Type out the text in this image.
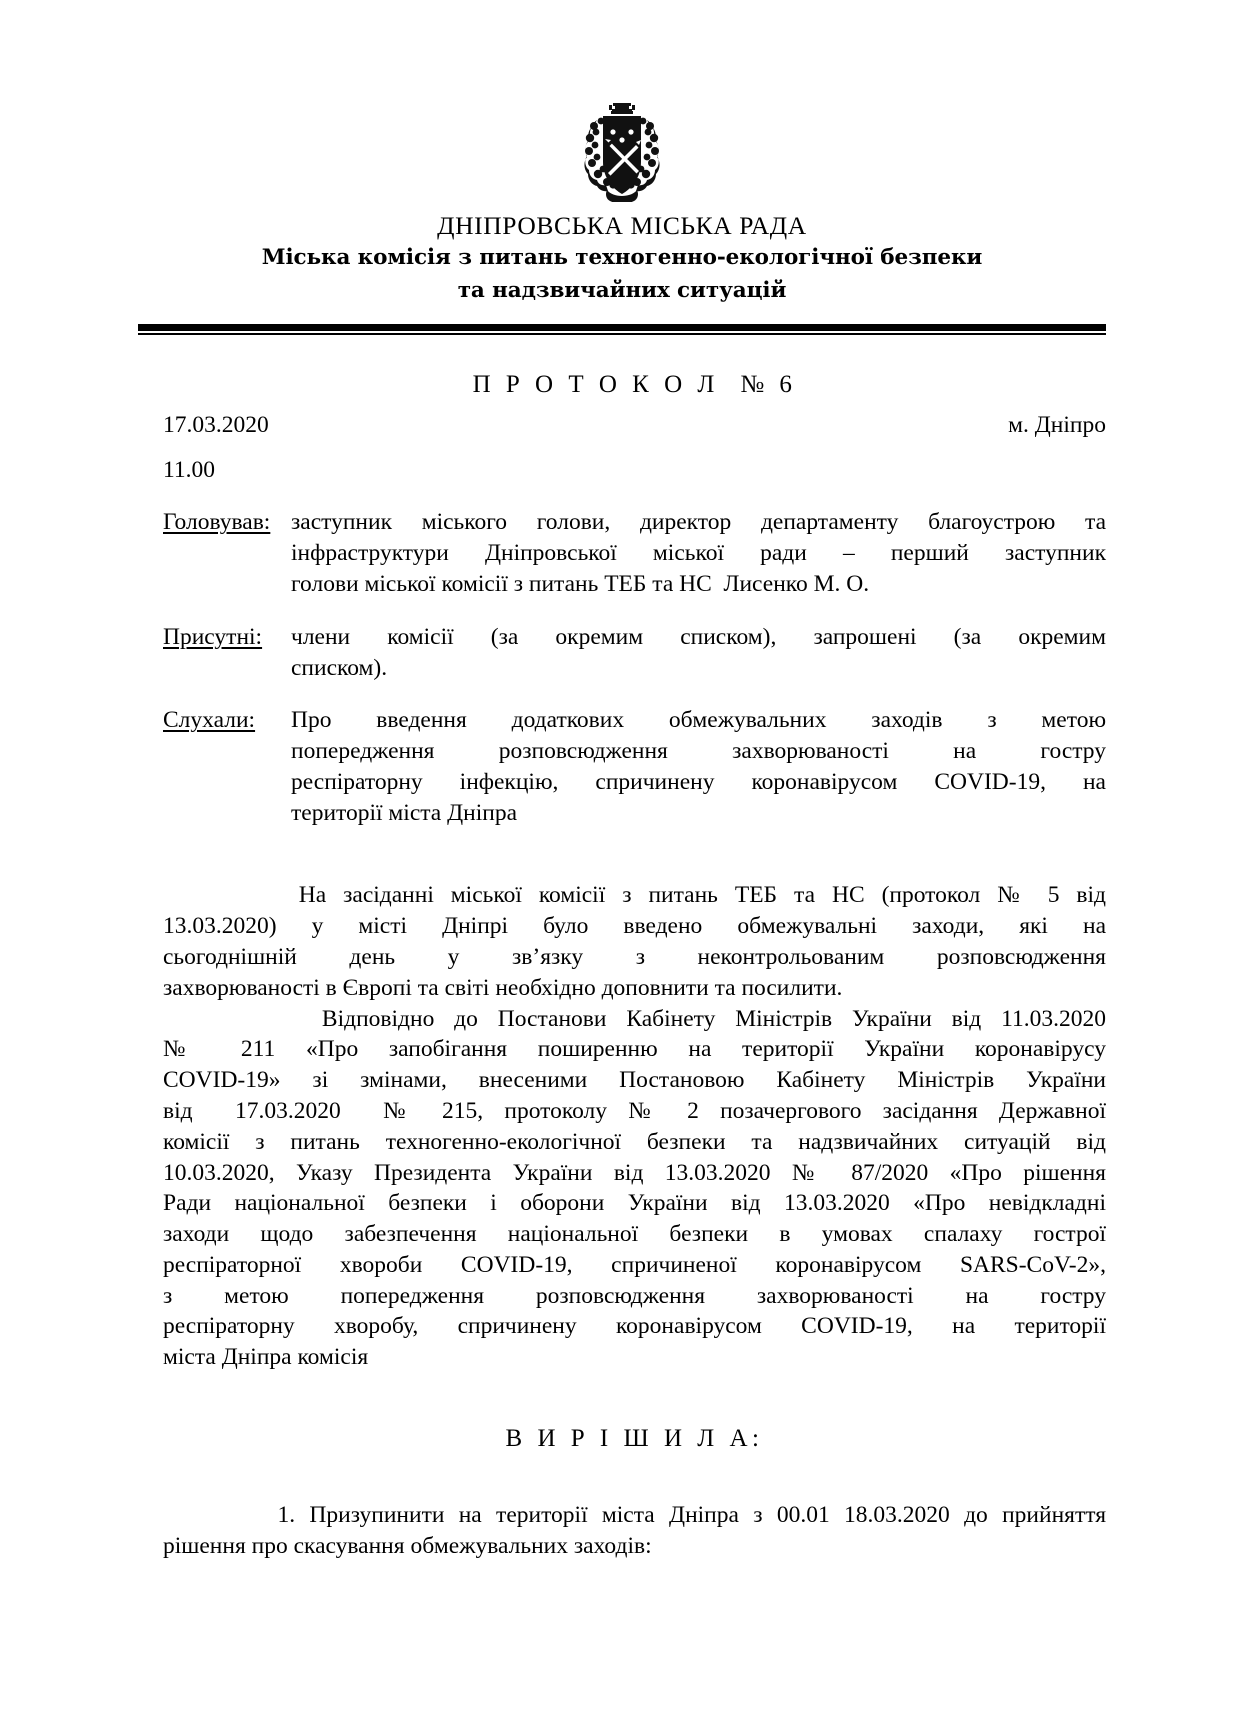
ДНІПРОВСЬКА МІСЬКА РАДА
Міська комісія з питань техногенно-екологічної безпеки
та надзвичайних ситуацій
П Р О Т О К О Л  № 6
17.03.2020	м. Дніпро
11.00
Головував: заступник міського голови, директор департаменту благоустрою та
інфраструктури Дніпровської міської ради – перший заступник
голови міської комісії з питань ТЕБ та НС  Лисенко М. О.
Присутні:	члени комісії (за окремим списком), запрошені (за окремим
списком).
Слухали:	Про введення додаткових обмежувальних заходів з метою
попередження розповсюдження захворюваності на гостру
респіраторну інфекцію, спричинену коронавірусом COVID-19, на
території міста Дніпра

На засіданні міської комісії з питань ТЕБ та НС (протокол № 5 від
13.03.2020) у місті Дніпрі було введено обмежувальні заходи, які на
сьогоднішній день у зв’язку з неконтрольованим розповсюдження
захворюваності в Європі та світі необхідно доповнити та посилити.

Відповідно до Постанови Кабінету Міністрів України від 11.03.2020
№ 211 «Про запобігання поширенню на території України коронавірусу
COVID-19» зі змінами, внесеними Постановою Кабінету Міністрів України
від  17.03.2020  № 215, протоколу № 2 позачергового засідання Державної
комісії з питань техногенно-екологічної безпеки та надзвичайних ситуацій від
10.03.2020, Указу Президента України від 13.03.2020 № 87/2020 «Про рішення
Ради національної безпеки і оборони України від 13.03.2020 «Про невідкладні
заходи щодо забезпечення національної безпеки в умовах спалаху гострої
респіраторної хвороби COVID-19, спричиненої коронавірусом SARS-CoV-2»,
з метою попередження розповсюдження захворюваності на гостру
респіраторну хворобу, спричинену коронавірусом COVID-19, на території
міста Дніпра комісія

В И Р І Ш И Л А:

1. Призупинити на території міста Дніпра з 00.01 18.03.2020 до прийняття
рішення про скасування обмежувальних заходів:
